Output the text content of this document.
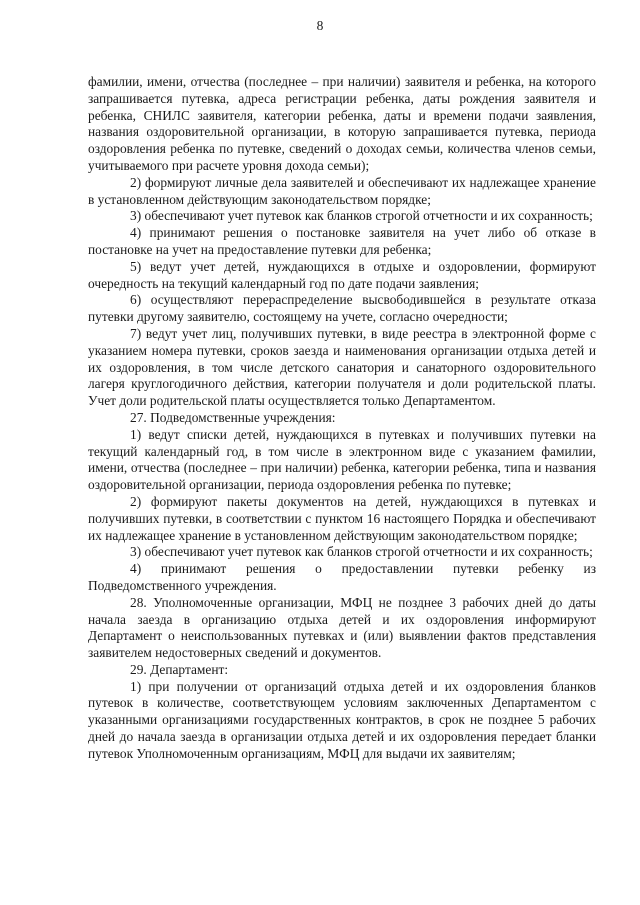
8

фамилии, имени, отчества (последнее – при наличии) заявителя и ребенка, на которого запрашивается путевка, адреса регистрации ребенка, даты рождения заявителя и ребенка, СНИЛС заявителя, категории ребенка, даты и времени подачи заявления, названия оздоровительной организации, в которую запрашивается путевка, периода оздоровления ребенка по путевке, сведений о доходах семьи, количества членов семьи, учитываемого при расчете уровня дохода семьи);

2) формируют личные дела заявителей и обеспечивают их надлежащее хранение в установленном действующим законодательством порядке;

3) обеспечивают учет путевок как бланков строгой отчетности и их сохранность;

4) принимают решения о постановке заявителя на учет либо об отказе в постановке на учет на предоставление путевки для ребенка;

5) ведут учет детей, нуждающихся в отдыхе и оздоровлении, формируют очередность на текущий календарный год по дате подачи заявления;

6) осуществляют перераспределение высвободившейся в результате отказа путевки другому заявителю, состоящему на учете, согласно очередности;

7) ведут учет лиц, получивших путевки, в виде реестра в электронной форме с указанием номера путевки, сроков заезда и наименования организации отдыха детей и их оздоровления, в том числе детского санатория и санаторного оздоровительного лагеря круглогодичного действия, категории получателя и доли родительской платы. Учет доли родительской платы осуществляется только Департаментом.

27. Подведомственные учреждения:

1) ведут списки детей, нуждающихся в путевках и получивших путевки на текущий календарный год, в том числе в электронном виде с указанием фамилии, имени, отчества (последнее – при наличии) ребенка, категории ребенка, типа и названия оздоровительной организации, периода оздоровления ребенка по путевке;

2) формируют пакеты документов на детей, нуждающихся в путевках и получивших путевки, в соответствии с пунктом 16 настоящего Порядка и обеспечивают их надлежащее хранение в установленном действующим законодательством порядке;

3) обеспечивают учет путевок как бланков строгой отчетности и их сохранность;

4) принимают решения о предоставлении путевки ребенку из Подведомственного учреждения.

28. Уполномоченные организации, МФЦ не позднее 3 рабочих дней до даты начала заезда в организацию отдыха детей и их оздоровления информируют Департамент о неиспользованных путевках и (или) выявлении фактов представления заявителем недостоверных сведений и документов.

29. Департамент:

1) при получении от организаций отдыха детей и их оздоровления бланков путевок в количестве, соответствующем условиям заключенных Департаментом с указанными организациями государственных контрактов, в срок не позднее 5 рабочих дней до начала заезда в организации отдыха детей и их оздоровления передает бланки путевок Уполномоченным организациям, МФЦ для выдачи их заявителям;
